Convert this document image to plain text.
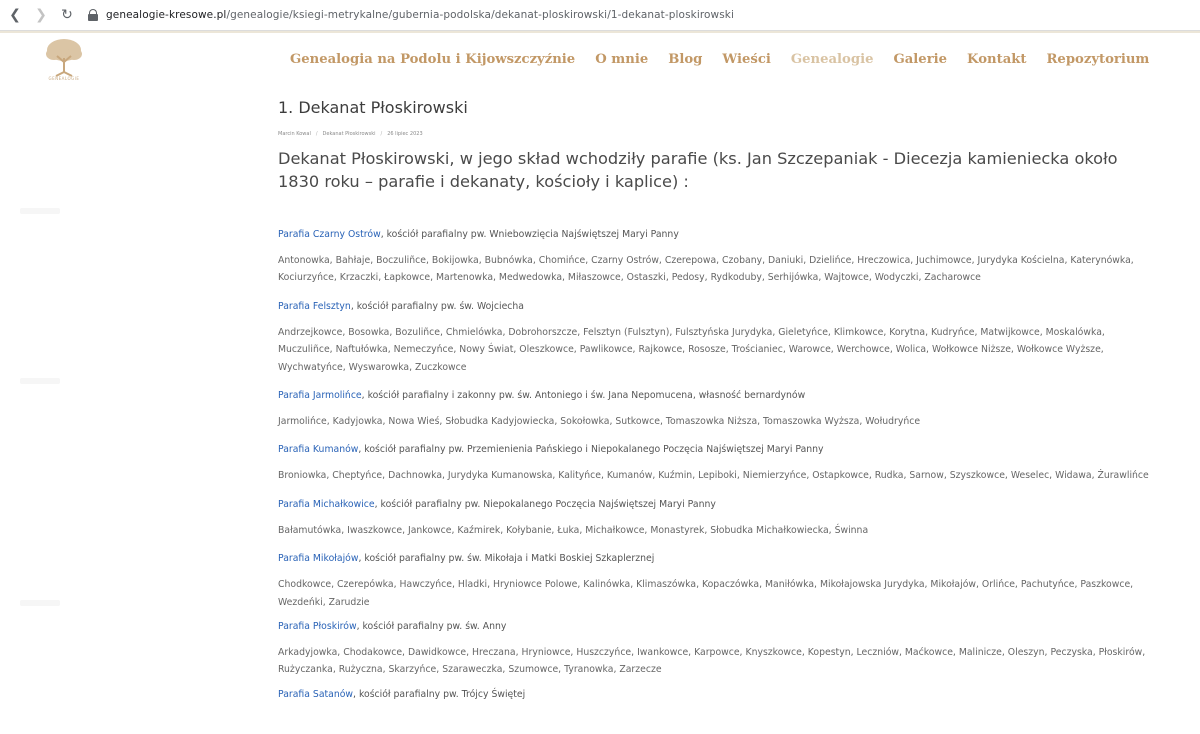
❮	❯	↻	genealogie-kresowe.pl/genealogie/ksiegi-metrykalne/gubernia-podolska/dekanat-ploskirowski/1-dekanat-ploskirowski
GENEALOGIE
Genealogia na Podolu i Kijowszczyźnie O mnie Blog Wieści Genealogie Galerie Kontakt Repozytorium
1. Dekanat Płoskirowski
Marcin Kowal / Dekanat Płoskirowski / 26 lipiec 2023
Dekanat Płoskirowski, w jego skład wchodziły parafie (ks. Jan Szczepaniak - Diecezja kamieniecka około 1830 roku – parafie i dekanaty, kościoły i kaplice) :

Parafia Czarny Ostrów, kościół parafialny pw. Wniebowzięcia Najświętszej Maryi Panny

Antonowka, Bahłaje, Boczuliñce, Bokijowka, Bubnówka, Chomińce, Czarny Ostrów, Czerepowa, Czobany, Daniuki, Dzielińce, Hreczowica, Juchimowce, Jurydyka Kościelna, Katerynówka, Kociurzyńce, Krzaczki, Łapkowce, Martenowka, Medwedowka, Miłaszowce, Ostaszki, Pedosy, Rydkoduby, Serhijówka, Wajtowce, Wodyczki, Zacharowce

Parafia Felsztyn, kościół parafialny pw. św. Wojciecha

Andrzejkowce, Bosowka, Bozuliñce, Chmielówka, Dobrohorszcze, Felsztyn (Fulsztyn), Fulsztyńska Jurydyka, Gieletyńce, Klimkowce, Korytna, Kudryńce, Matwijkowce, Moskalówka, Muczuliñce, Naftułówka, Nemeczyńce, Nowy Świat, Oleszkowce, Pawlikowce, Rajkowce, Rososze, Trościaniec, Warowce, Werchowce, Wolica, Wołkowce Niższe, Wołkowce Wyższe, Wychwatyńce, Wyswarowka, Zuczkowce

Parafia Jarmolińce, kościół parafialny i zakonny pw. św. Antoniego i św. Jana Nepomucena, własność bernardynów

Jarmolińce, Kadyjowka, Nowa Wieś, Słobudka Kadyjowiecka, Sokołowka, Sutkowce, Tomaszowka Niższa, Tomaszowka Wyższa, Wołudryńce

Parafia Kumanów, kościół parafialny pw. Przemienienia Pańskiego i Niepokalanego Poczęcia Najświętszej Maryi Panny

Broniowka, Cheptyńce, Dachnowka, Jurydyka Kumanowska, Kalityńce, Kumanów, Kuźmin, Lepiboki, Niemierzyńce, Ostapkowce, Rudka, Sarnow, Szyszkowce, Weselec, Widawa, Żurawlińce

Parafia Michałkowice, kościół parafialny pw. Niepokalanego Poczęcia Najświętszej Maryi Panny

Bałamutówka, Iwaszkowce, Jankowce, Kaźmirek, Kołybanie, Łuka, Michałkowce, Monastyrek, Słobudka Michałkowiecka, Świnna

Parafia Mikołajów, kościół parafialny pw. św. Mikołaja i Matki Boskiej Szkaplerznej

Chodkowce, Czerepówka, Hawczyńce, Hladki, Hryniowce Polowe, Kalinówka, Klimaszówka, Kopaczówka, Maniłówka, Mikołajowska Jurydyka, Mikołajów, Orlińce, Pachutyńce, Paszkowce, Wezdeńki, Zarudzie

Parafia Płoskirów, kościół parafialny pw. św. Anny

Arkadyjowka, Chodakowce, Dawidkowce, Hreczana, Hryniowce, Huszczyńce, Iwankowce, Karpowce, Knyszkowce, Kopestyn, Leczniów, Maćkowce, Malinicze, Oleszyn, Peczyska, Płoskirów, Rużyczanka, Rużyczna, Skarzyńce, Szaraweczka, Szumowce, Tyranowka, Zarzecze

Parafia Satanów, kościół parafialny pw. Trójcy Świętej
